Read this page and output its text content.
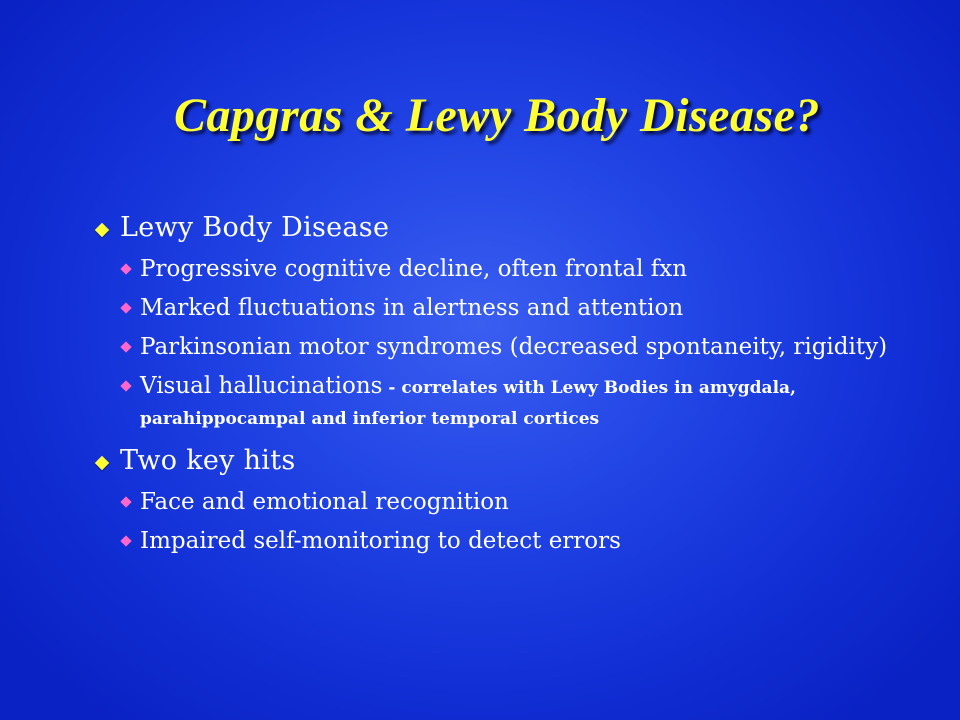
Capgras & Lewy Body Disease?
Lewy Body Disease
Progressive cognitive decline, often frontal fxn
Marked fluctuations in alertness and attention
Parkinsonian motor syndromes (decreased spontaneity, rigidity)
Visual hallucinations - correlates with Lewy Bodies in amygdala, parahippocampal and inferior temporal cortices
Two key hits
Face and emotional recognition
Impaired self-monitoring to detect errors
